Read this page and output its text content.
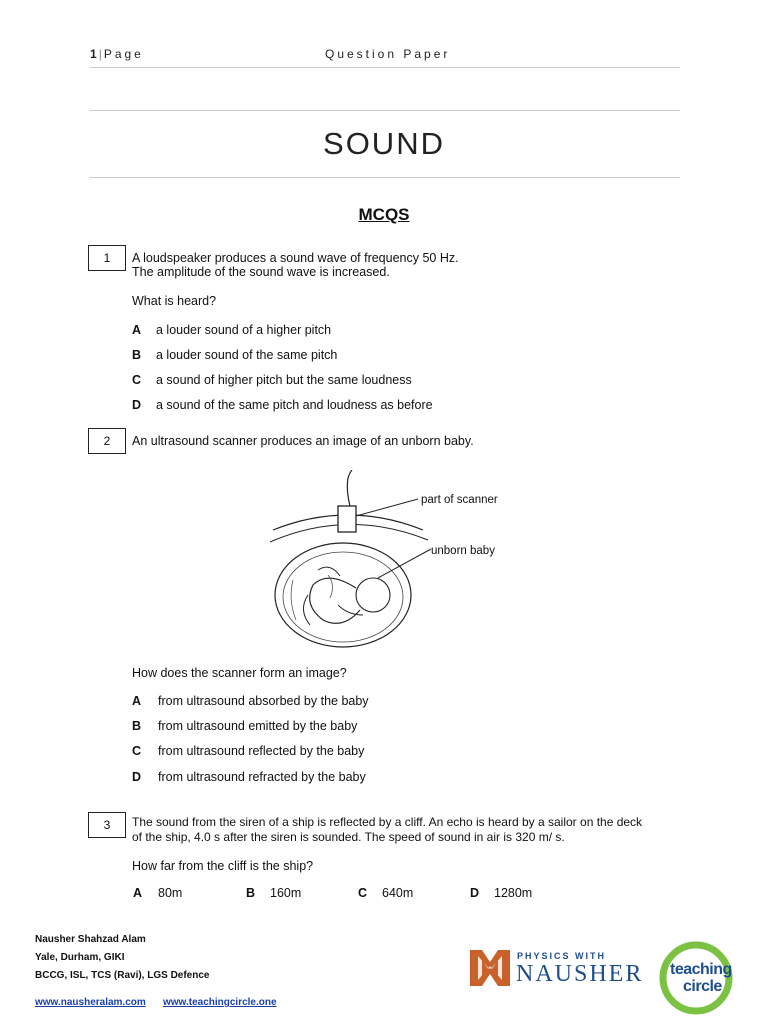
1 | Page	Question Paper
SOUND
MCQS
1	A loudspeaker produces a sound wave of frequency 50 Hz.
The amplitude of the sound wave is increased.
What is heard?
A a louder sound of a higher pitch
B a louder sound of the same pitch
C a sound of higher pitch but the same loudness
D a sound of the same pitch and loudness as before
2	An ultrasound scanner produces an image of an unborn baby.
part of scanner
unborn baby
How does the scanner form an image?
A from ultrasound absorbed by the baby
B from ultrasound emitted by the baby
C from ultrasound reflected by the baby
D from ultrasound refracted by the baby
3	The sound from the siren of a ship is reflected by a cliff. An echo is heard by a sailor on the deck
of the ship, 4.0 s after the siren is sounded. The speed of sound in air is 320 m/ s.
How far from the cliff is the ship?
A 80m	B 160m	C 640m	D 1280m
Nausher Shahzad Alam
Yale, Durham, GIKI
BCCG, ISL, TCS (Ravi), LGS Defence
www.nausheralam.com www.teachingcircle.one
PHYSICS WITH
NAUSHER teaching
circle
